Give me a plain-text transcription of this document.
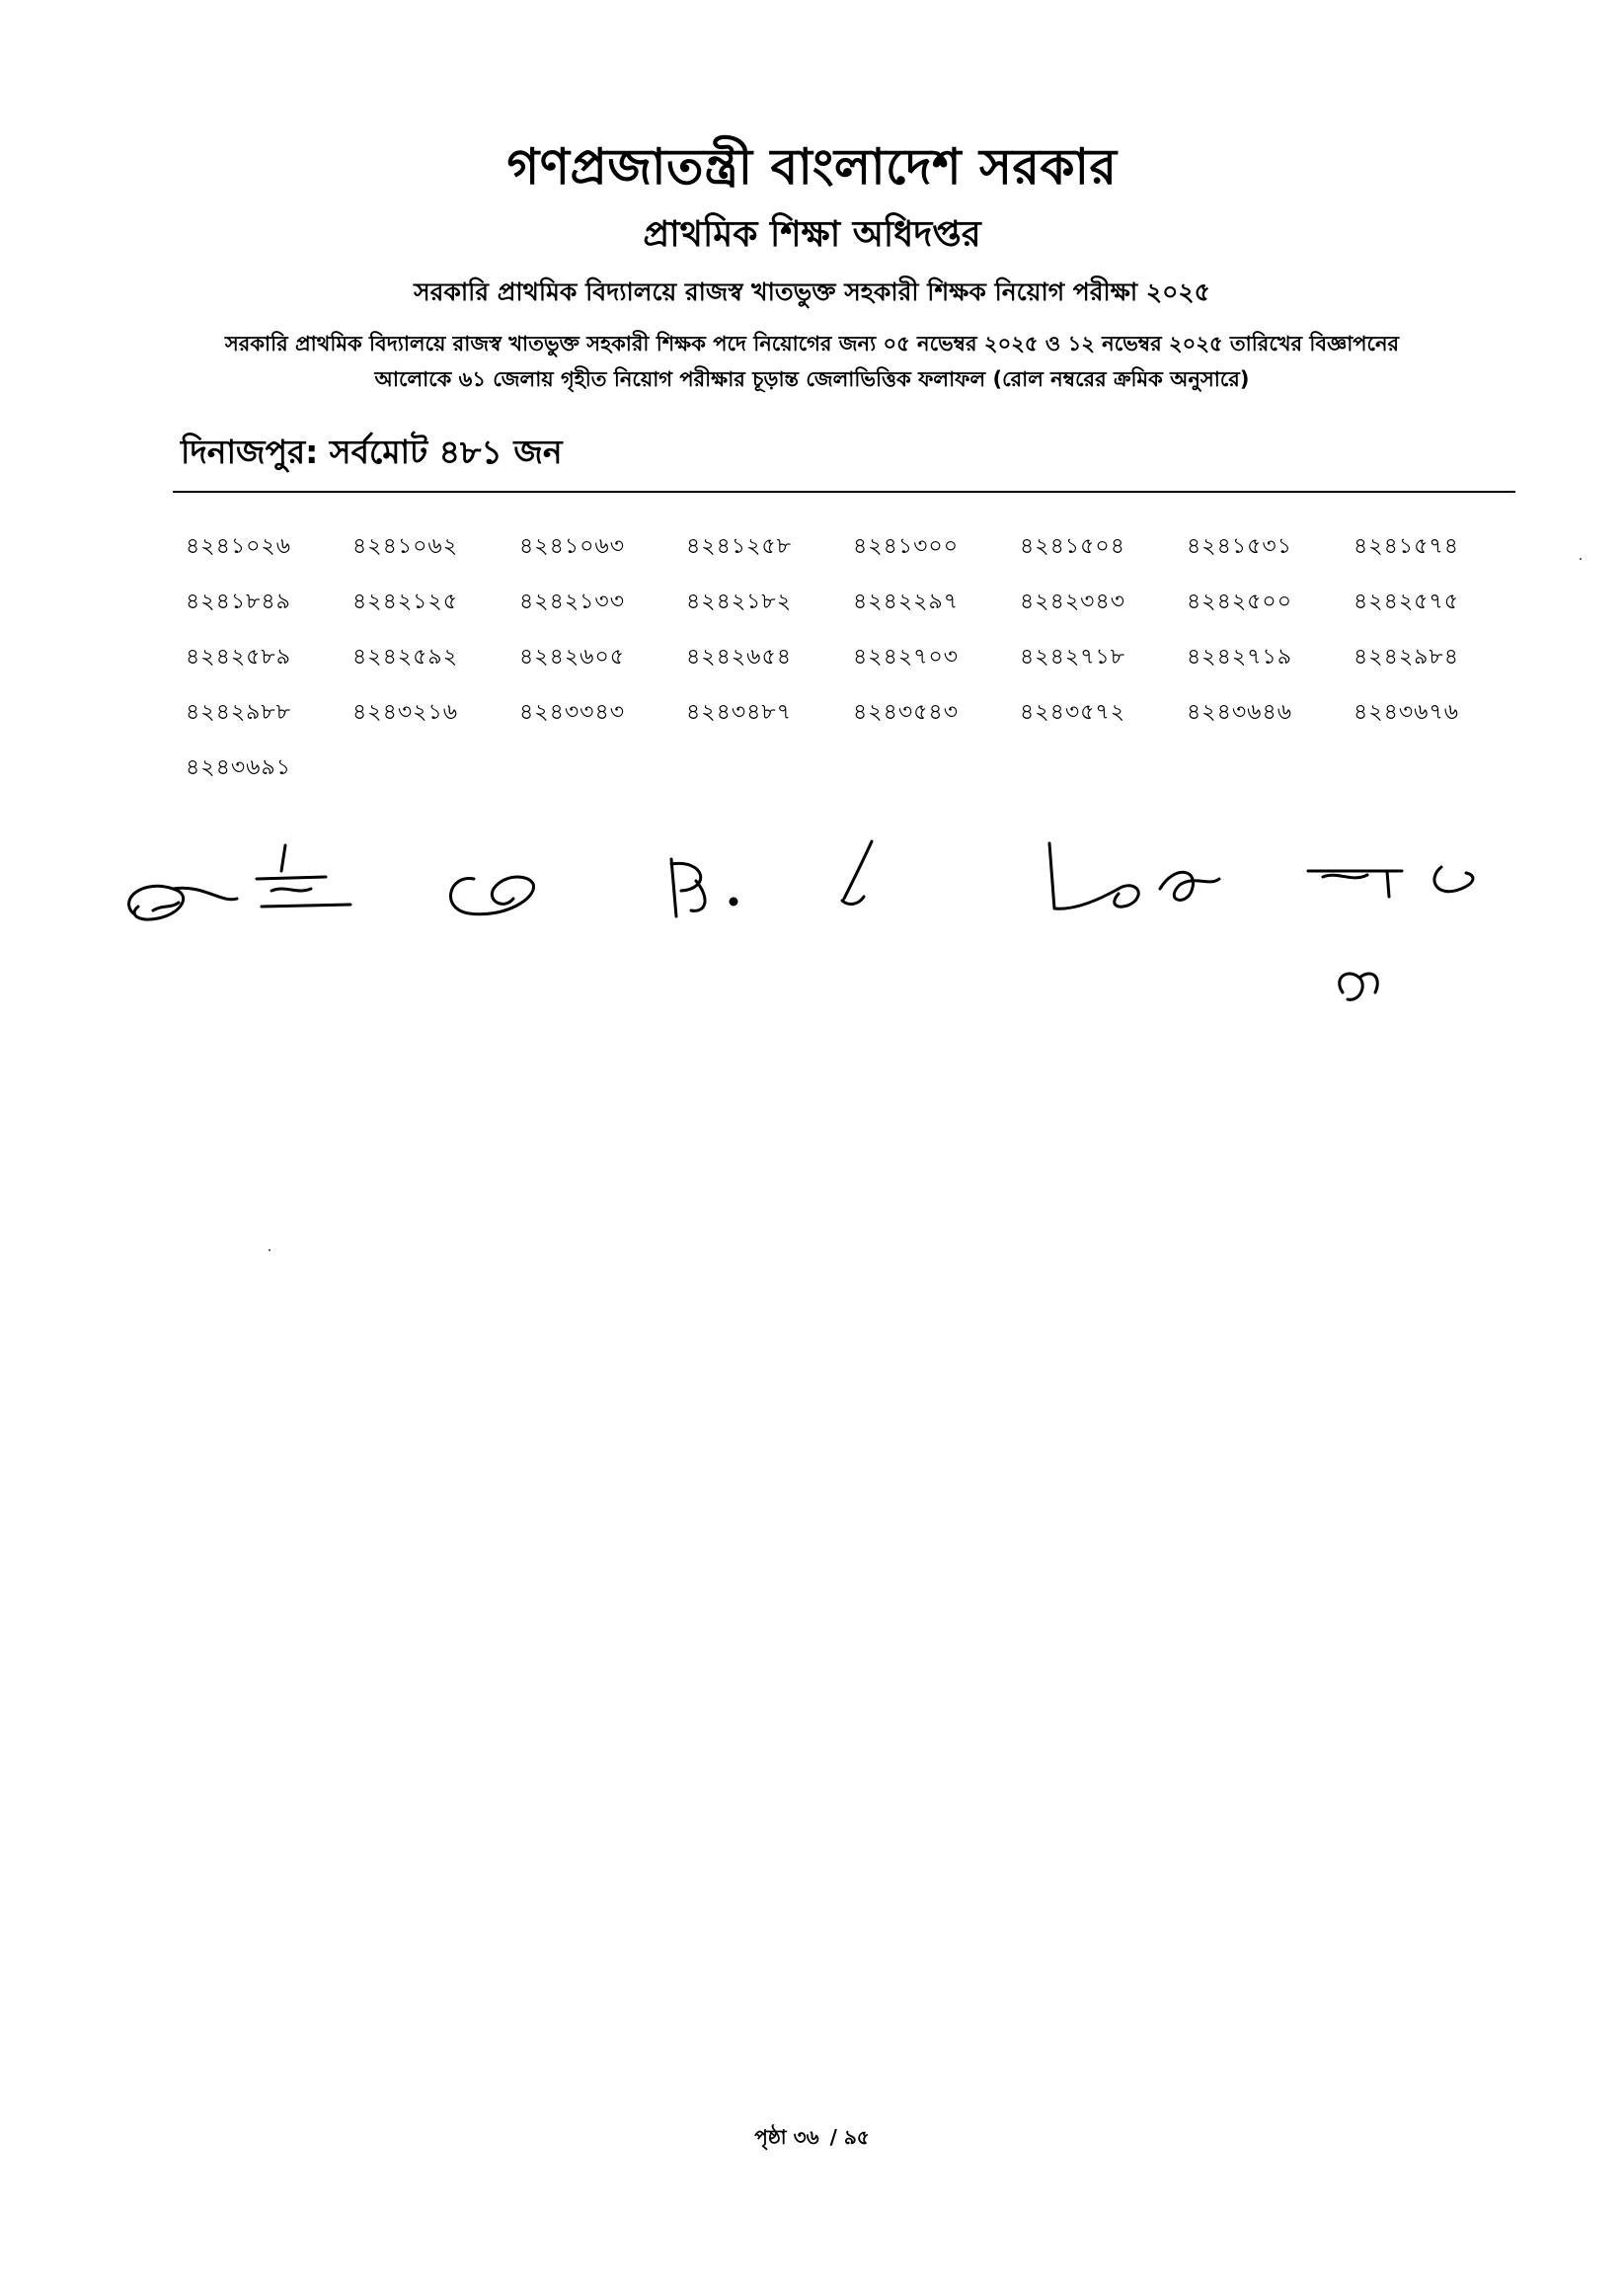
গণপ্রজাতন্ত্রী বাংলাদেশ সরকার
প্রাথমিক শিক্ষা অধিদপ্তর
সরকারি প্রাথমিক বিদ্যালয়ে রাজস্ব খাতভুক্ত সহকারী শিক্ষক নিয়োগ পরীক্ষা ২০২৫
সরকারি প্রাথমিক বিদ্যালয়ে রাজস্ব খাতভুক্ত সহকারী শিক্ষক পদে নিয়োগের জন্য ০৫ নভেম্বর ২০২৫ ও ১২ নভেম্বর ২০২৫ তারিখের বিজ্ঞাপনের
আলোকে ৬১ জেলায় গৃহীত নিয়োগ পরীক্ষার চূড়ান্ত জেলাভিত্তিক ফলাফল (রোল নম্বরের ক্রমিক অনুসারে)
দিনাজপুর: সর্বমোট ৪৮১ জন
৪২৪১০২৬	৪২৪১০৬২	৪২৪১০৬৩	৪২৪১২৫৮	৪২৪১৩০০	৪২৪১৫০৪	৪২৪১৫৩১	৪২৪১৫৭৪
৪২৪১৮৪৯	৪২৪২১২৫	৪২৪২১৩৩	৪২৪২১৮২	৪২৪২২৯৭	৪২৪২৩৪৩	৪২৪২৫০০	৪২৪২৫৭৫
৪২৪২৫৮৯	৪২৪২৫৯২	৪২৪২৬০৫	৪২৪২৬৫৪	৪২৪২৭০৩	৪২৪২৭১৮	৪২৪২৭১৯	৪২৪২৯৮৪
৪২৪২৯৮৮	৪২৪৩২১৬	৪২৪৩৩৪৩	৪২৪৩৪৮৭	৪২৪৩৫৪৩	৪২৪৩৫৭২	৪২৪৩৬৪৬	৪২৪৩৬৭৬
৪২৪৩৬৯১
পৃষ্ঠা ৩৬ / ৯৫
